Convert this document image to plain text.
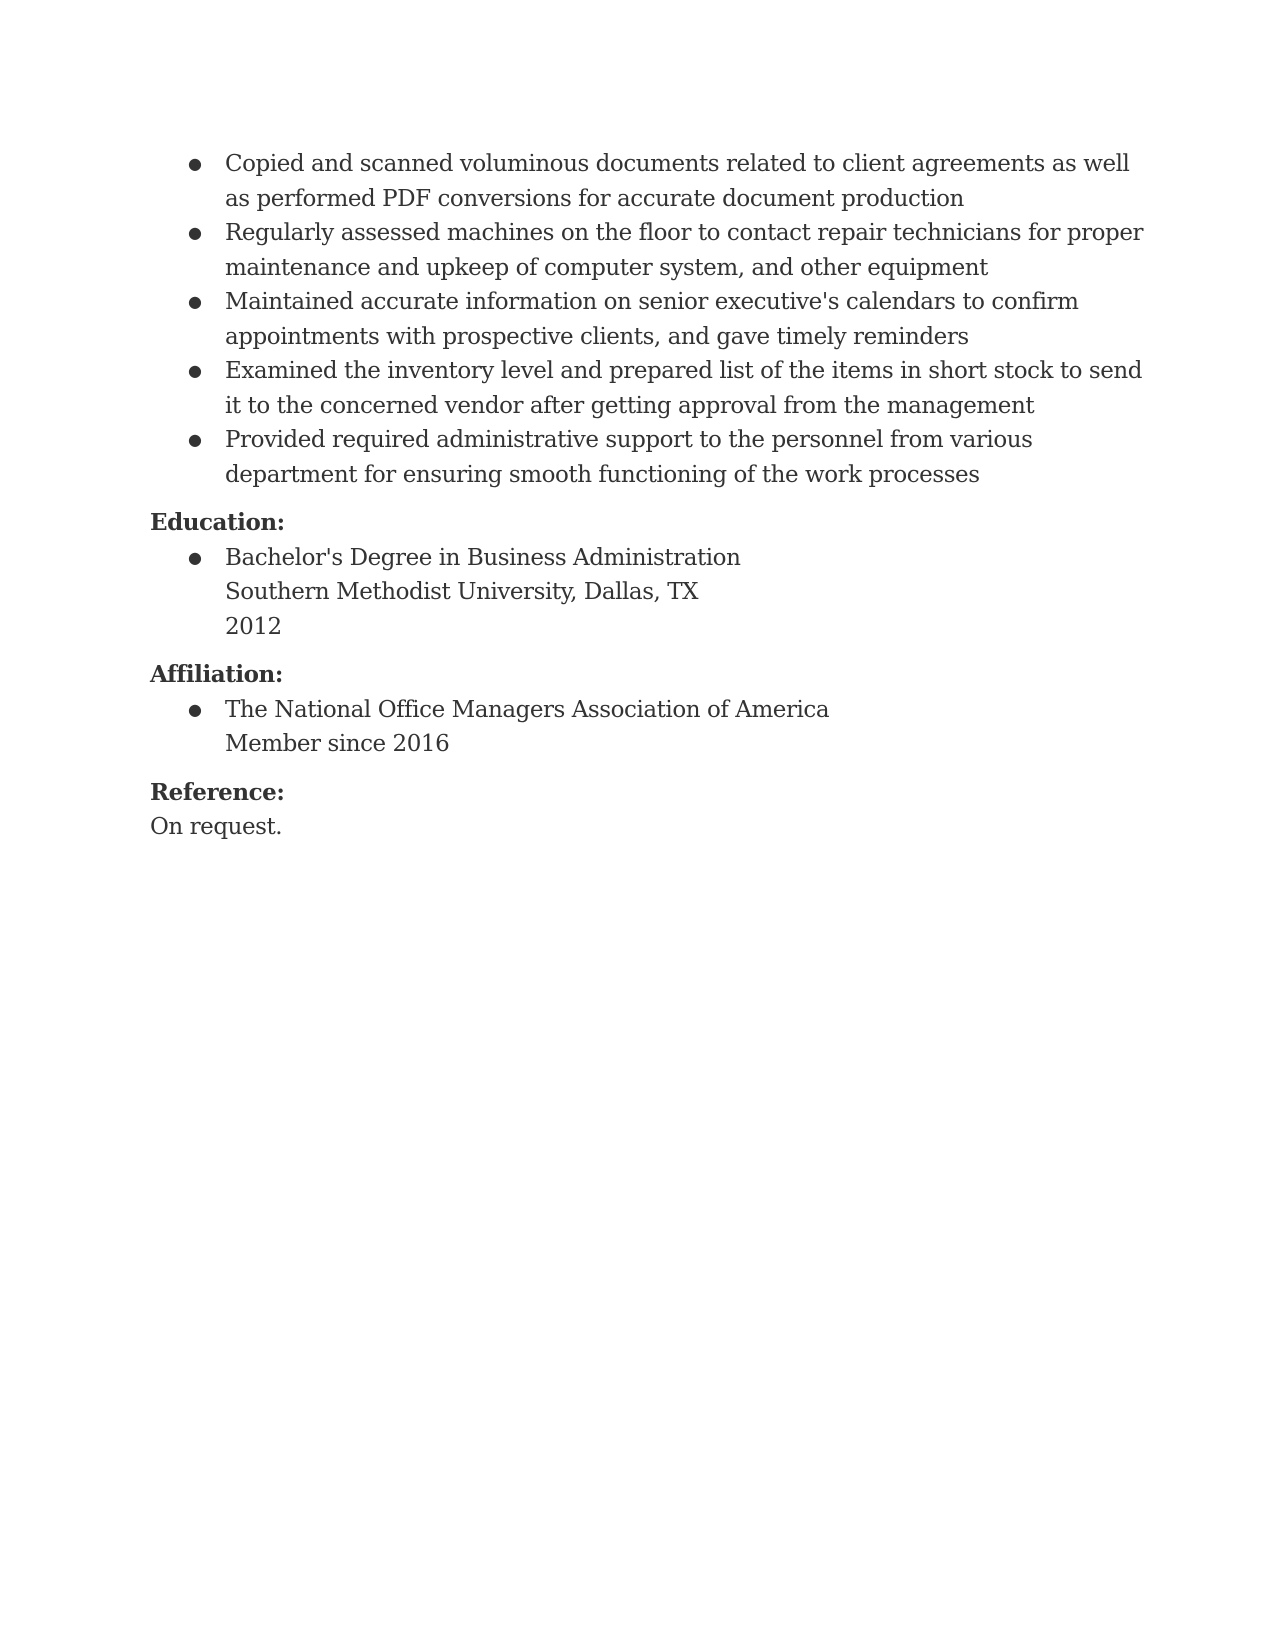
● Copied and scanned voluminous documents related to client agreements as well
as performed PDF conversions for accurate document production
● Regularly assessed machines on the floor to contact repair technicians for proper
maintenance and upkeep of computer system, and other equipment
● Maintained accurate information on senior executive's calendars to confirm
appointments with prospective clients, and gave timely reminders
● Examined the inventory level and prepared list of the items in short stock to send
it to the concerned vendor after getting approval from the management
● Provided required administrative support to the personnel from various
department for ensuring smooth functioning of the work processes
Education:
● Bachelor's Degree in Business Administration
Southern Methodist University, Dallas, TX
2012
Affiliation:
● The National Office Managers Association of America
Member since 2016
Reference:

On request.
